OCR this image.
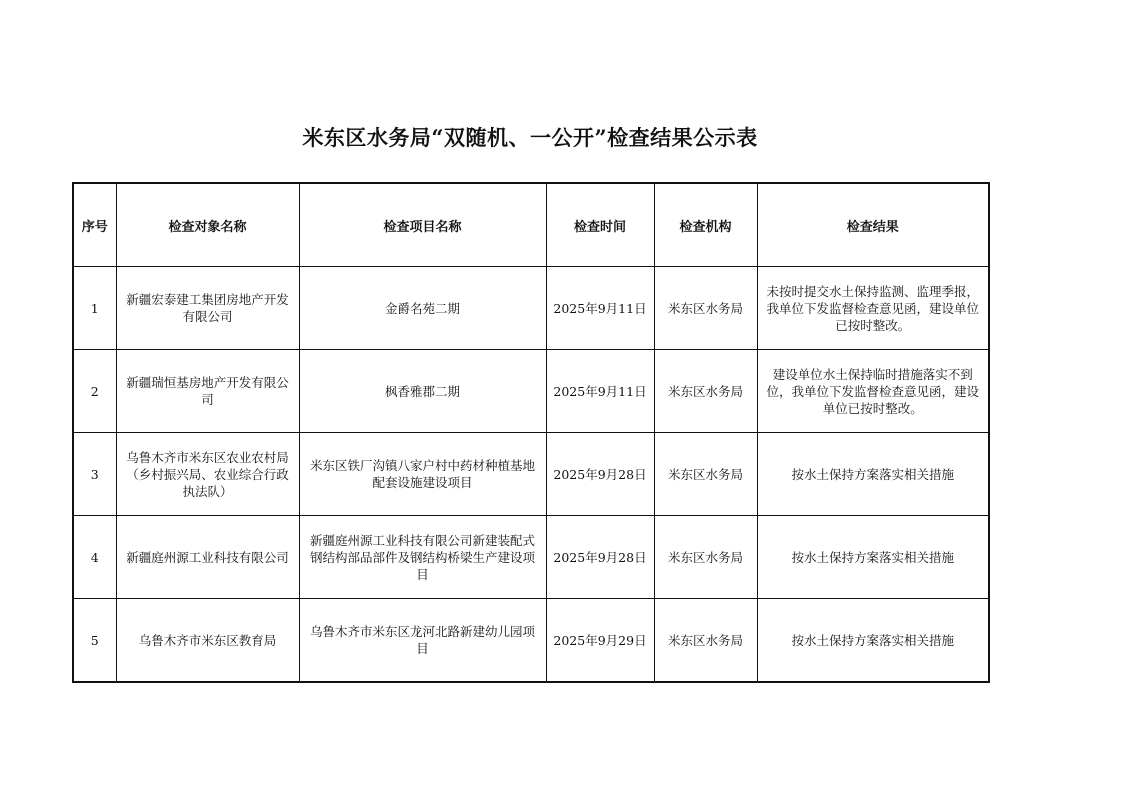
米东区水务局“双随机、一公开”检查结果公示表
序号	检查对象名称	检查项目名称	检查时间	检查机构	检查结果
1	新疆宏泰建工集团房地产开发有限公司	金爵名苑二期	2025年9月11日	米东区水务局	未按时提交水土保持监测、监理季报，我单位下发监督检查意见函，建设单位已按时整改。
2	新疆瑞恒基房地产开发有限公司	枫香雅郡二期	2025年9月11日	米东区水务局	建设单位水土保持临时措施落实不到位，我单位下发监督检查意见函，建设单位已按时整改。
3	乌鲁木齐市米东区农业农村局（乡村振兴局、农业综合行政执法队）	米东区铁厂沟镇八家户村中药材种植基地配套设施建设项目	2025年9月28日	米东区水务局	按水土保持方案落实相关措施
4	新疆庭州源工业科技有限公司	新疆庭州源工业科技有限公司新建装配式钢结构部品部件及钢结构桥梁生产建设项目	2025年9月28日	米东区水务局	按水土保持方案落实相关措施
5	乌鲁木齐市米东区教育局	乌鲁木齐市米东区龙河北路新建幼儿园项目	2025年9月29日	米东区水务局	按水土保持方案落实相关措施
